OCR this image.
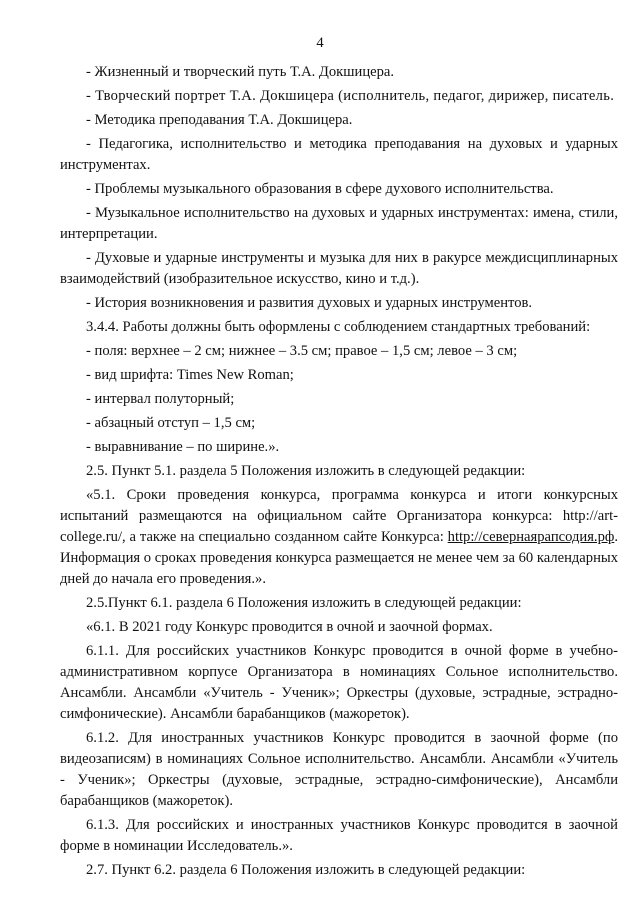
4

- Жизненный и творческий путь Т.А. Докшицера.

- Творческий портрет Т.А. Докшицера (исполнитель, педагог, дирижер, писатель.

- Методика преподавания Т.А. Докшицера.

- Педагогика, исполнительство и методика преподавания на духовых и ударных инструментах.

- Проблемы музыкального образования в сфере духового исполнительства.

- Музыкальное исполнительство на духовых и ударных инструментах: имена, стили, интерпретации.

- Духовые и ударные инструменты и музыка для них в ракурсе междисциплинарных взаимодействий (изобразительное искусство, кино и т.д.).

- История возникновения и развития духовых и ударных инструментов.

3.4.4. Работы должны быть оформлены с соблюдением стандартных требований:

- поля: верхнее – 2 см; нижнее – 3.5 см; правое – 1,5 см; левое – 3 см;

- вид шрифта: Times New Roman;

- интервал полуторный;

- абзацный отступ – 1,5 см;

- выравнивание – по ширине.».

2.5. Пункт 5.1. раздела 5 Положения изложить в следующей редакции:

«5.1. Сроки проведения конкурса, программа конкурса и итоги конкурсных испытаний размещаются на официальном сайте Организатора конкурса: http://art-college.ru/, а также на специально созданном сайте Конкурса: http://севернаярапсодия.рф. Информация о сроках проведения конкурса размещается не менее чем за 60 календарных дней до начала его проведения.».

2.5.Пункт 6.1. раздела 6 Положения изложить в следующей редакции:

«6.1. В 2021 году Конкурс проводится в очной и заочной формах.

6.1.1. Для российских участников Конкурс проводится в очной форме в учебно-административном корпусе Организатора в номинациях Сольное исполнительство. Ансамбли. Ансамбли «Учитель - Ученик»; Оркестры (духовые, эстрадные, эстрадно-симфонические). Ансамбли барабанщиков (мажореток).

6.1.2. Для иностранных участников Конкурс проводится в заочной форме (по видеозаписям) в номинациях Сольное исполнительство. Ансамбли. Ансамбли «Учитель - Ученик»; Оркестры (духовые, эстрадные, эстрадно-симфонические), Ансамбли барабанщиков (мажореток).

6.1.3. Для российских и иностранных участников Конкурс проводится в заочной форме в номинации Исследователь.».

2.7. Пункт 6.2. раздела 6 Положения изложить в следующей редакции:
